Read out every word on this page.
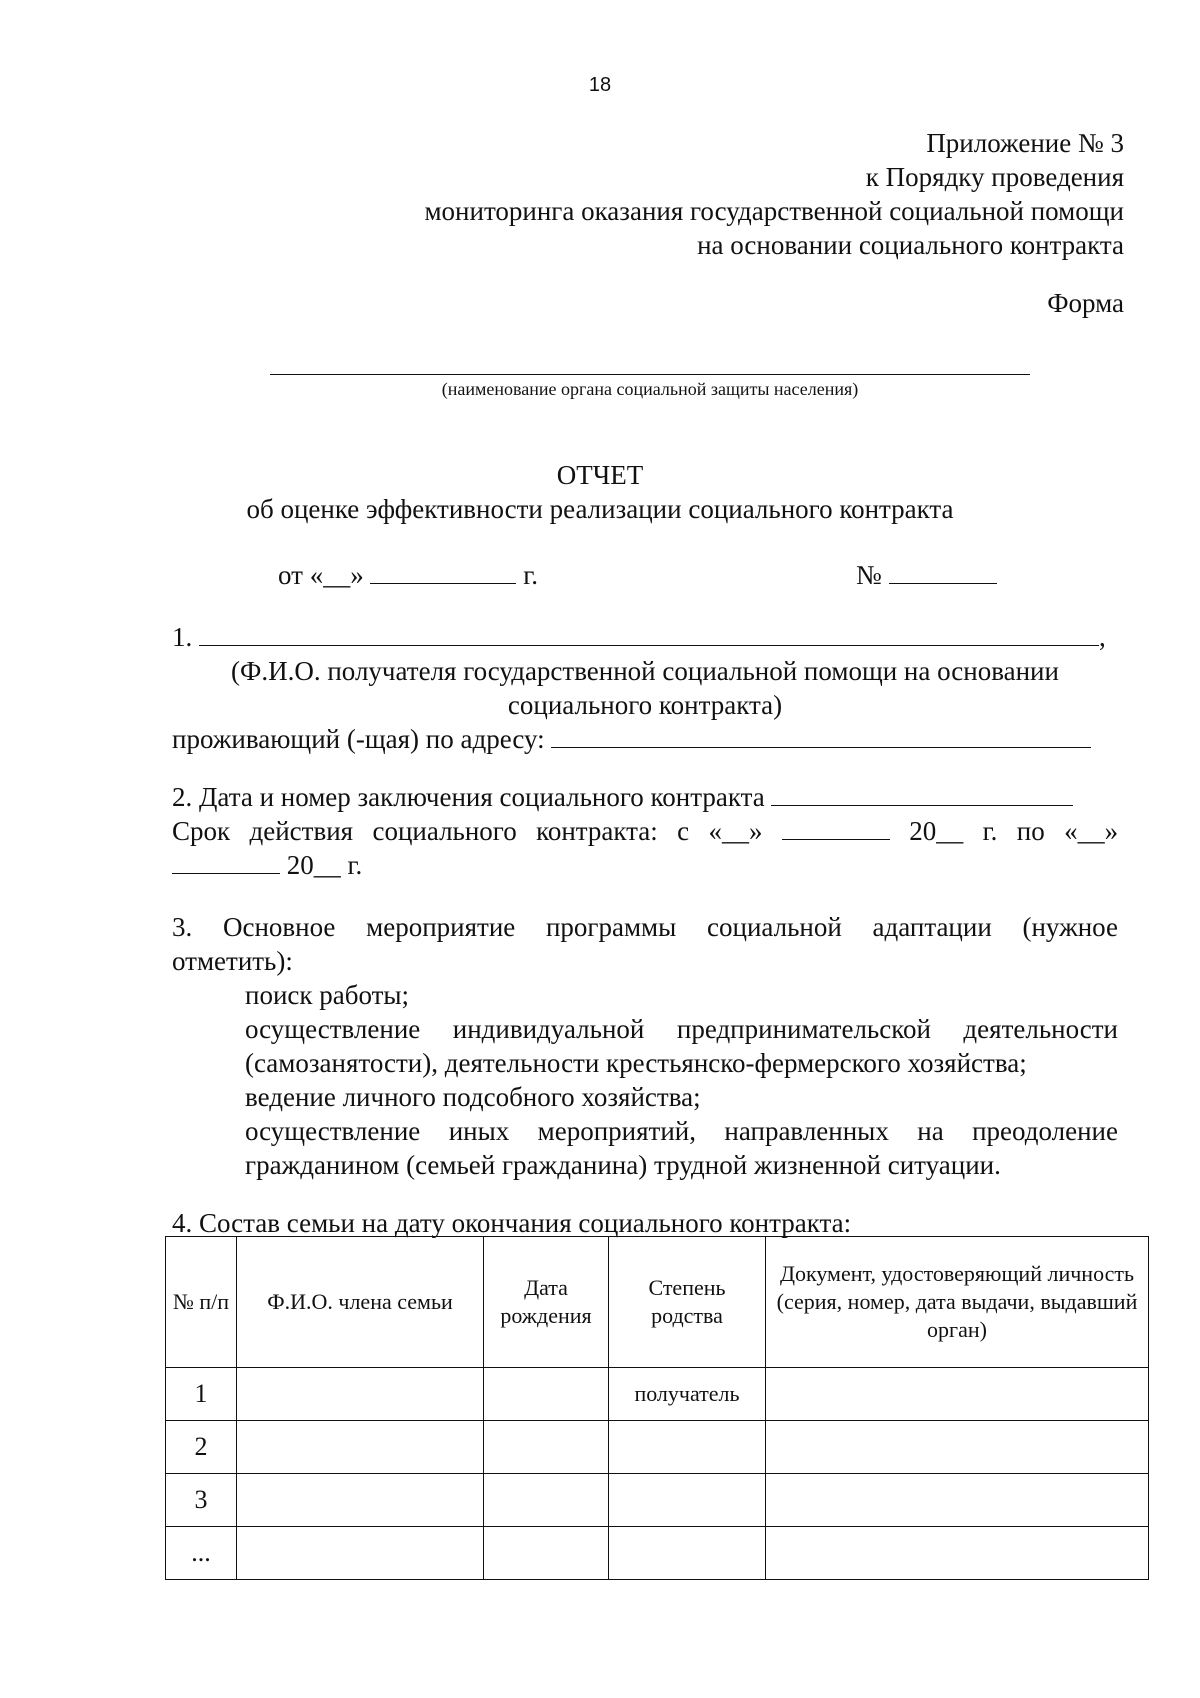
18
Приложение № 3
к Порядку проведения
мониторинга оказания государственной социальной помощи
на основании социального контракта
Форма
(наименование органа социальной защиты населения)
ОТЧЕТ
об оценке эффективности реализации социального контракта
от «__»	г.	№
1.	,
(Ф.И.О. получателя государственной социальной помощи на основании
социального контракта)
проживающий (-щая) по адресу:
2. Дата и номер заключения социального контракта
Срок действия социального контракта: с «__»	20__ г. по «__»
20__ г.
3. Основное мероприятие программы социальной адаптации (нужное
отметить):
поиск работы;
осуществление индивидуальной предпринимательской деятельности
(самозанятости), деятельности крестьянско-фермерского хозяйства;
ведение личного подсобного хозяйства;
осуществление иных мероприятий, направленных на преодоление
гражданином (семьей гражданина) трудной жизненной ситуации.
4. Состав семьи на дату окончания социального контракта:
№ п/п	Ф.И.О. члена семьи	Дата рождения	Степень родства	Документ, удостоверяющий личность (серия, номер, дата выдачи, выдавший орган)
1			получатель	
2				
3				
...				
